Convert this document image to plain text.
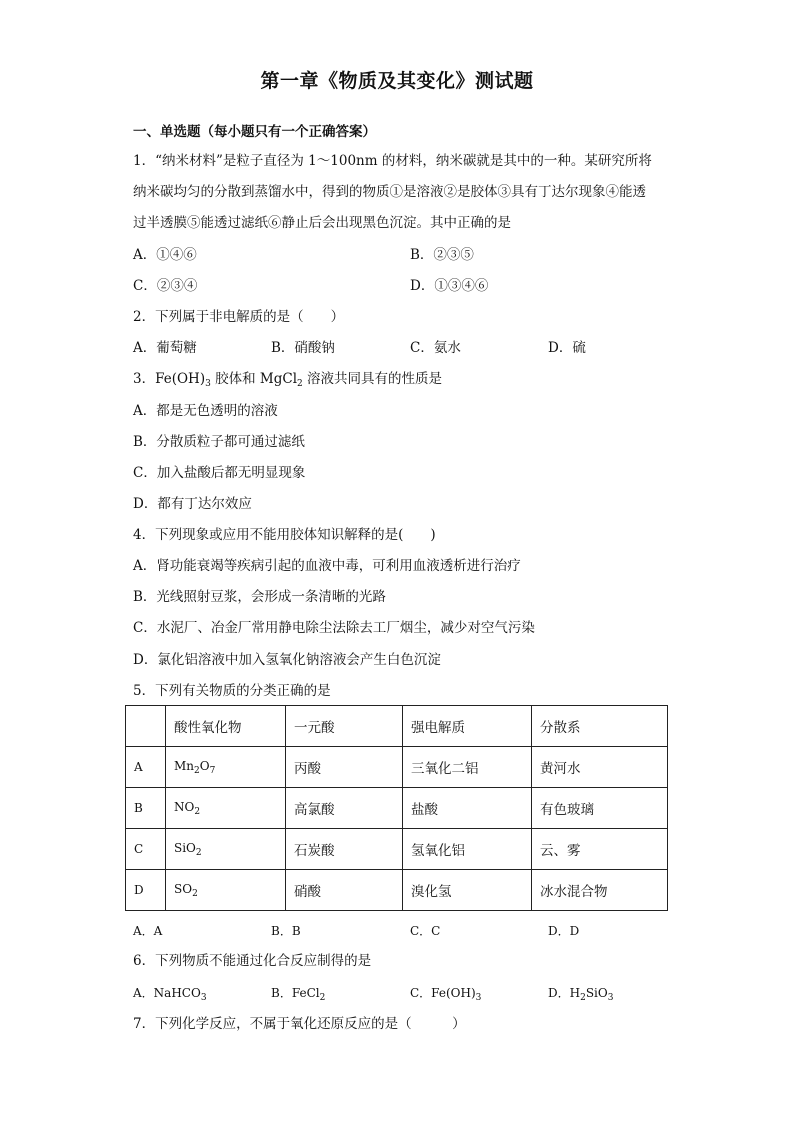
第一章《物质及其变化》测试题
一、单选题（每小题只有一个正确答案）
1．“纳米材料”是粒子直径为 1～100nm 的材料，纳米碳就是其中的一种。某研究所将
纳米碳均匀的分散到蒸馏水中，得到的物质①是溶液②是胶体③具有丁达尔现象④能透
过半透膜⑤能透过滤纸⑥静止后会出现黑色沉淀。其中正确的是
A．①④⑥	B．②③⑤
C．②③④	D．①③④⑥
2．下列属于非电解质的是（　　）
A．葡萄糖	B．硝酸钠	C．氨水	D．硫
3．$Fe(OH)_3$ 胶体和 MgCl$_2$ 溶液共同具有的性质是
A．都是无色透明的溶液
B．分散质粒子都可通过滤纸
C．加入盐酸后都无明显现象
D．都有丁达尔效应
4．下列现象或应用不能用胶体知识解释的是(　　)
A．肾功能衰竭等疾病引起的血液中毒，可利用血液透析进行治疗
B．光线照射豆浆，会形成一条清晰的光路
C．水泥厂、冶金厂常用静电除尘法除去工厂烟尘，减少对空气污染
D．氯化铝溶液中加入氢氧化钠溶液会产生白色沉淀
5．下列有关物质的分类正确的是
	酸性氧化物	一元酸	强电解质	分散系
A	$Mn_2O_7$	丙酸	三氧化二铝	黄河水
B	$NO_2$	高氯酸	盐酸	有色玻璃
C	SiO$_2$	石炭酸	氢氧化铝	云、雾
D	$SO_2$	硝酸	溴化氢	冰水混合物
A．A	B．B	C．C	D．D
6．下列物质不能通过化合反应制得的是
A．NaHCO$_3$	B．FeCl$_2$	C．$Fe(OH)_3$	D．$H_2SiO_3$
7．下列化学反应，不属于氧化还原反应的是（　　　）
